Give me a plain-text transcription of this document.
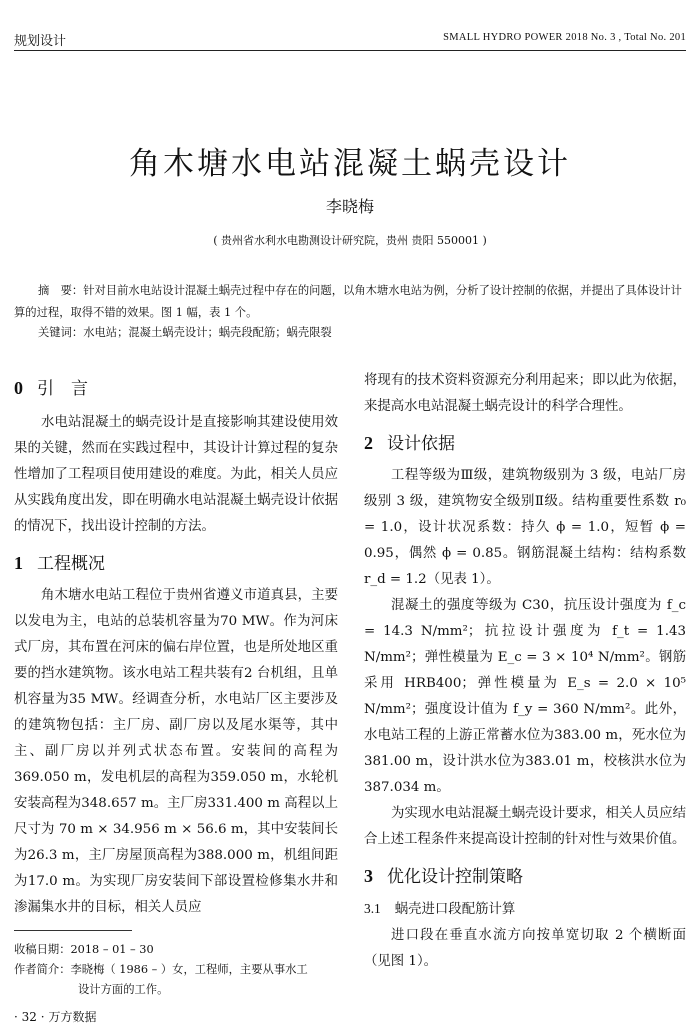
规划设计	SMALL HYDRO POWER 2018 No. 3 , Total No. 201
角木塘水电站混凝土蜗壳设计
李晓梅
( 贵州省水利水电勘测设计研究院，贵州 贵阳 550001 )
摘　要：针对目前水电站设计混凝土蜗壳过程中存在的问题，以角木塘水电站为例，分析了设计控制的依据，并提出了具体设计计算的过程，取得不错的效果。图 1 幅，表 1 个。
关键词：水电站；混凝土蜗壳设计；蜗壳段配筋；蜗壳限裂
0 引　言

水电站混凝土的蜗壳设计是直接影响其建设使用效果的关键，然而在实践过程中，其设计计算过程的复杂性增加了工程项目使用建设的难度。为此，相关人员应从实践角度出发，即在明确水电站混凝土蜗壳设计依据的情况下，找出设计控制的方法。

1 工程概况

角木塘水电站工程位于贵州省遵义市道真县，主要以发电为主，电站的总装机容量为70 MW。作为河床式厂房，其布置在河床的偏右岸位置，也是所处地区重要的挡水建筑物。该水电站工程共装有2 台机组，且单机容量为35 MW。经调查分析，水电站厂区主要涉及的建筑物包括：主厂房、副厂房以及尾水渠等，其中主、副厂房以并列式状态布置。安装间的高程为369.050 m，发电机层的高程为359.050 m，水轮机安装高程为348.657 m。主厂房331.400 m 高程以上尺寸为 70 m × 34.956 m × 56.6 m，其中安装间长为26.3 m，主厂房屋顶高程为388.000 m，机组间距为17.0 m。为实现厂房安装间下部设置检修集水井和渗漏集水井的目标，相关人员应

将现有的技术资料资源充分利用起来；即以此为依据，来提高水电站混凝土蜗壳设计的科学合理性。

2 设计依据

工程等级为Ⅲ级，建筑物级别为 3 级，电站厂房级别 3 级，建筑物安全级别Ⅱ级。结构重要性系数 r₀ = 1.0，设计状况系数：持久 ϕ = 1.0，短暂 ϕ = 0.95，偶然 ϕ = 0.85。钢筋混凝土结构：结构系数 r_d = 1.2（见表 1）。

混凝土的强度等级为 C30，抗压设计强度为 f_c = 14.3 N/mm²；抗拉设计强度为 f_t = 1.43 N/mm²；弹性模量为 E_c = 3 × 10⁴ N/mm²。钢筋采用 HRB400；弹性模量为 E_s = 2.0 × 10⁵ N/mm²；强度设计值为 f_y = 360 N/mm²。此外，水电站工程的上游正常蓄水位为383.00 m，死水位为381.00 m，设计洪水位为383.01 m，校核洪水位为387.034 m。

为实现水电站混凝土蜗壳设计要求，相关人员应结合上述工程条件来提高设计控制的针对性与效果价值。

3 优化设计控制策略
3.1 蜗壳进口段配筋计算

进口段在垂直水流方向按单宽切取 2 个横断面（见图 1）。

收稿日期：2018 – 01 – 30
作者简介：李晓梅（ 1986 – ）女，工程师，主要从事水工
设计方面的工作。
· 32 · 万方数据
